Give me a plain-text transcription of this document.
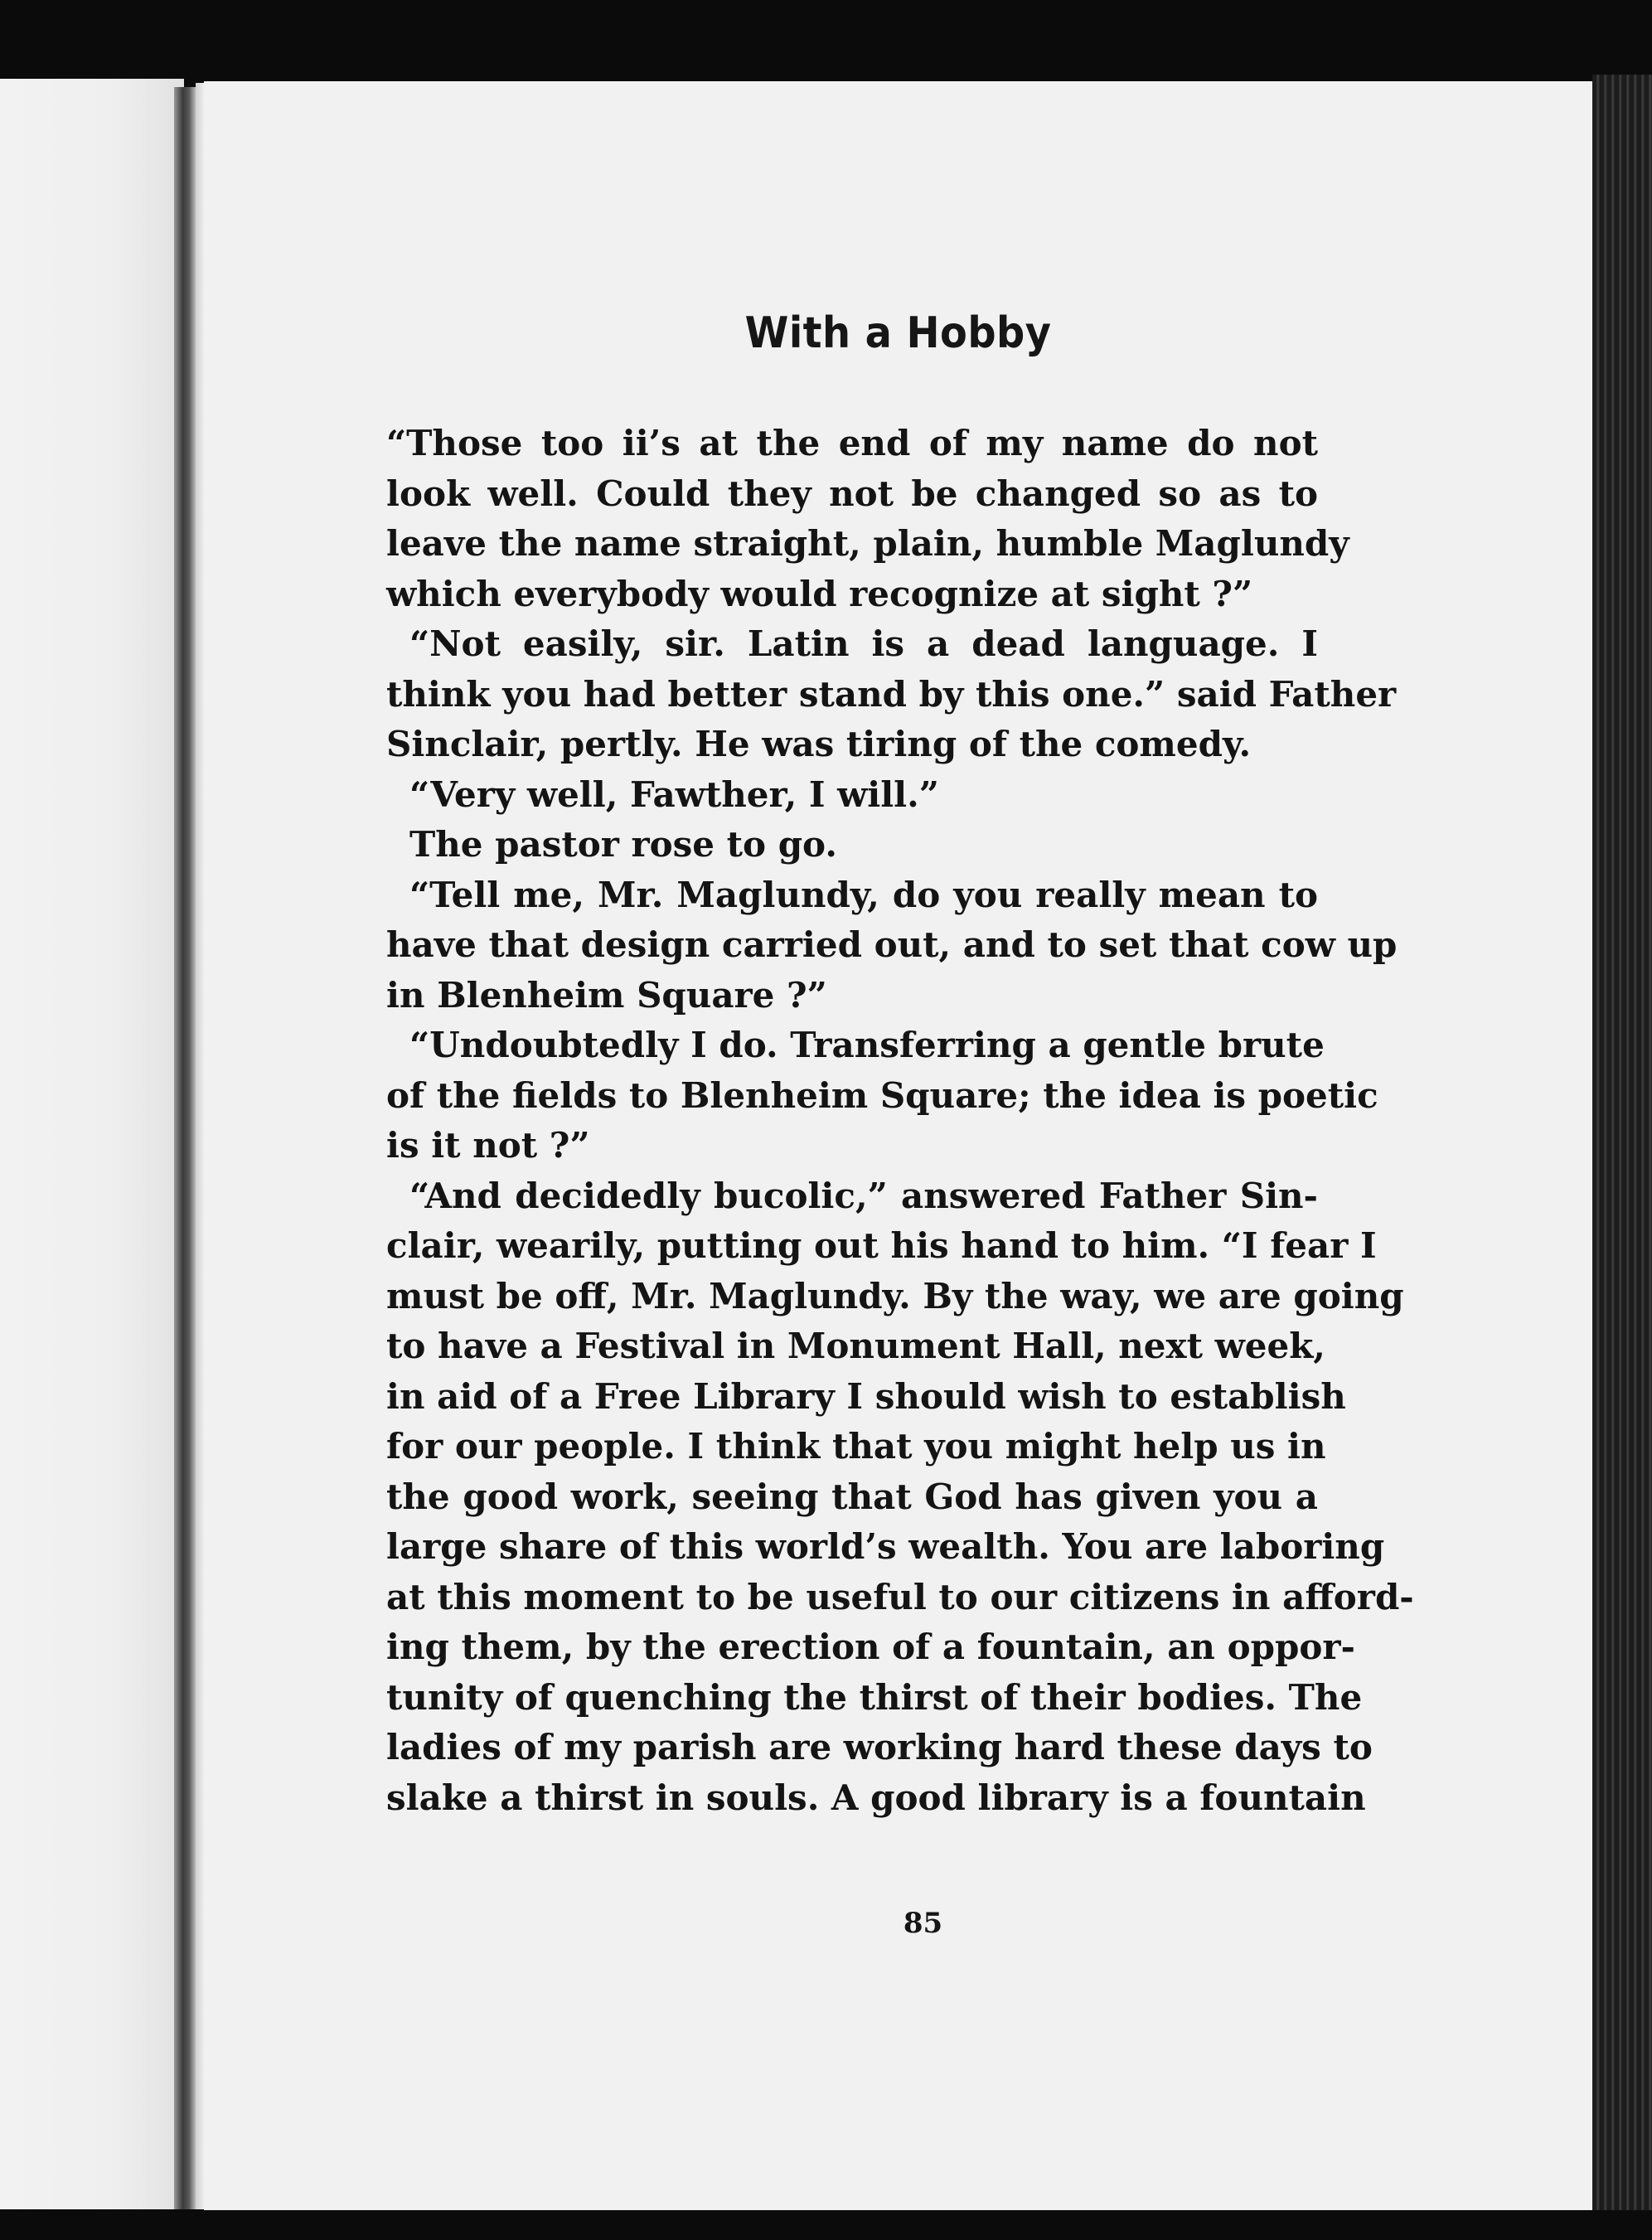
With a Hobby
“Those too ii’s at the end of my name do not
look well. Could they not be changed so as to
leave the name straight, plain, humble Maglundy
which everybody would recognize at sight ?”
“Not easily, sir. Latin is a dead language. I
think you had better stand by this one.” said Father
Sinclair, pertly. He was tiring of the comedy.
“Very well, Fawther, I will.”
The pastor rose to go.
“Tell me, Mr. Maglundy, do you really mean to
have that design carried out, and to set that cow up
in Blenheim Square ?”
“Undoubtedly I do. Transferring a gentle brute
of the fields to Blenheim Square; the idea is poetic
is it not ?”
“And decidedly bucolic,” answered Father Sin-
clair, wearily, putting out his hand to him. “I fear I
must be off, Mr. Maglundy. By the way, we are going
to have a Festival in Monument Hall, next week,
in aid of a Free Library I should wish to establish
for our people. I think that you might help us in
the good work, seeing that God has given you a
large share of this world’s wealth. You are laboring
at this moment to be useful to our citizens in afford-
ing them, by the erection of a fountain, an oppor-
tunity of quenching the thirst of their bodies. The
ladies of my parish are working hard these days to
slake a thirst in souls. A good library is a fountain
85
